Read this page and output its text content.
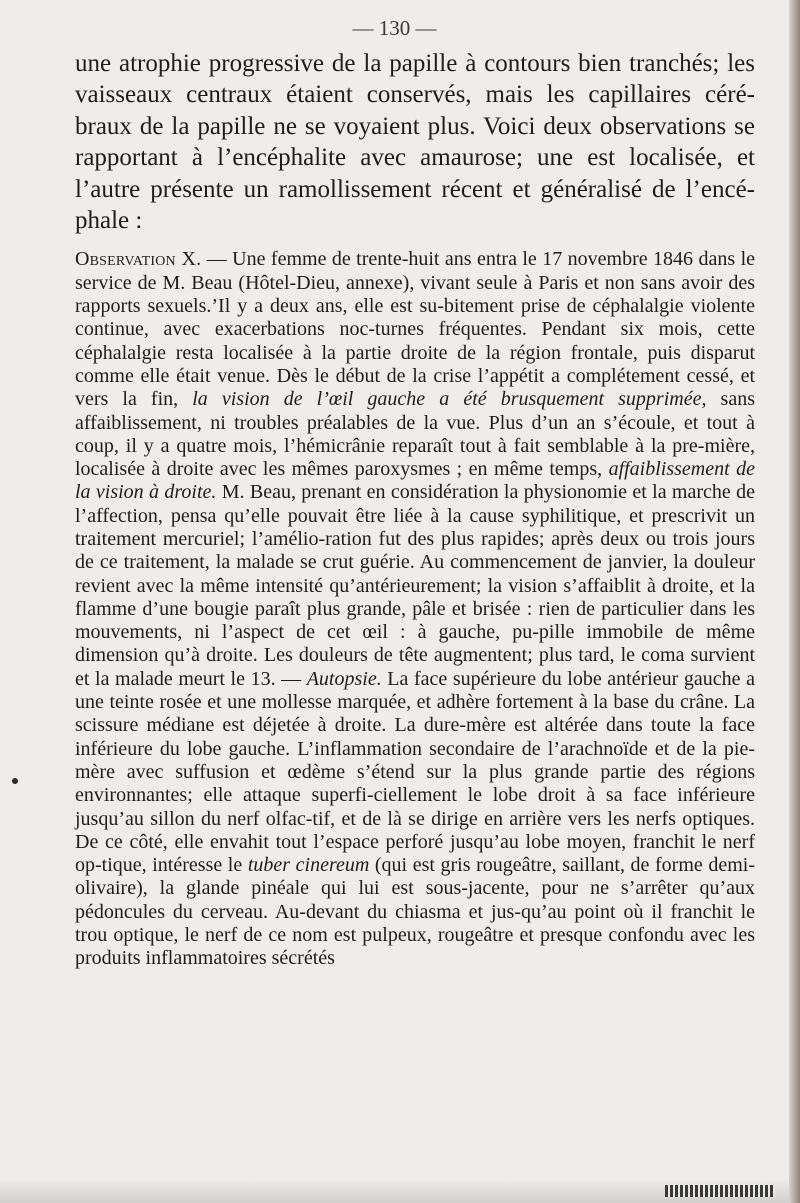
— 130 —

une atrophie progressive de la papille à contours bien tranchés; les vaisseaux centraux étaient conservés, mais les capillaires céré-braux de la papille ne se voyaient plus. Voici deux observations se rapportant à l’encéphalite avec amaurose; une est localisée, et l’autre présente un ramollissement récent et généralisé de l’encé-phale :

Observation X. — Une femme de trente-huit ans entra le 17 novembre 1846 dans le service de M. Beau (Hôtel-Dieu, annexe), vivant seule à Paris et non sans avoir des rapports sexuels.’Il y a deux ans, elle est su-bitement prise de céphalalgie violente continue, avec exacerbations noc-turnes fréquentes. Pendant six mois, cette céphalalgie resta localisée à la partie droite de la région frontale, puis disparut comme elle était venue. Dès le début de la crise l’appétit a complétement cessé, et vers la fin, la vision de l’œil gauche a été brusquement supprimée, sans affaiblissement, ni troubles préalables de la vue. Plus d’un an s’écoule, et tout à coup, il y a quatre mois, l’hémicrânie reparaît tout à fait semblable à la pre-mière, localisée à droite avec les mêmes paroxysmes ; en même temps, affaiblissement de la vision à droite. M. Beau, prenant en considération la physionomie et la marche de l’affection, pensa qu’elle pouvait être liée à la cause syphilitique, et prescrivit un traitement mercuriel; l’amélio-ration fut des plus rapides; après deux ou trois jours de ce traitement, la malade se crut guérie. Au commencement de janvier, la douleur revient avec la même intensité qu’antérieurement; la vision s’affaiblit à droite, et la flamme d’une bougie paraît plus grande, pâle et brisée : rien de particulier dans les mouvements, ni l’aspect de cet œil : à gauche, pu-pille immobile de même dimension qu’à droite. Les douleurs de tête augmentent; plus tard, le coma survient et la malade meurt le 13. — Autopsie. La face supérieure du lobe antérieur gauche a une teinte rosée et une mollesse marquée, et adhère fortement à la base du crâne. La scissure médiane est déjetée à droite. La dure-mère est altérée dans toute la face inférieure du lobe gauche. L’inflammation secondaire de l’arachnoïde et de la pie-mère avec suffusion et œdème s’étend sur la plus grande partie des régions environnantes; elle attaque superfi-ciellement le lobe droit à sa face inférieure jusqu’au sillon du nerf olfac-tif, et de là se dirige en arrière vers les nerfs optiques. De ce côté, elle envahit tout l’espace perforé jusqu’au lobe moyen, franchit le nerf op-tique, intéresse le tuber cinereum (qui est gris rougeâtre, saillant, de forme demi-olivaire), la glande pinéale qui lui est sous-jacente, pour ne s’arrêter qu’aux pédoncules du cerveau. Au-devant du chiasma et jus-qu’au point où il franchit le trou optique, le nerf de ce nom est pulpeux, rougeâtre et presque confondu avec les produits inflammatoires sécrétés
